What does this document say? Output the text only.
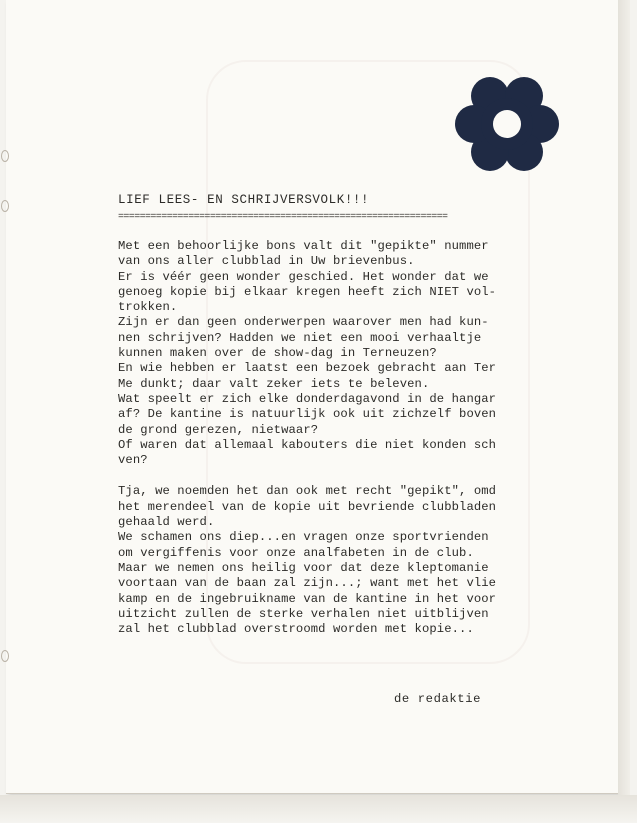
LIEF LEES- EN SCHRIJVERSVOLK!!!

=============================================================

Met een behoorlijke bons valt dit "gepikte" nummer
van ons aller clubblad in Uw brievenbus.
Er is véér geen wonder geschied. Het wonder dat we
genoeg kopie bij elkaar kregen heeft zich NIET vol-
trokken.
Zijn er dan geen onderwerpen waarover men had kun-
nen schrijven? Hadden we niet een mooi verhaaltje
kunnen maken over de show-dag in Terneuzen?
En wie hebben er laatst een bezoek gebracht aan Ter
Me dunkt; daar valt zeker iets te beleven.
Wat speelt er zich elke donderdagavond in de hangar
af? De kantine is natuurlijk ook uit zichzelf boven
de grond gerezen, nietwaar?
Of waren dat allemaal kabouters die niet konden sch
ven?
Tja, we noemden het dan ook met recht "gepikt", omd
het merendeel van de kopie uit bevriende clubbladen
gehaald werd.
We schamen ons diep...en vragen onze sportvrienden
om vergiffenis voor onze analfabeten in de club.
Maar we nemen ons heilig voor dat deze kleptomanie
voortaan van de baan zal zijn...; want met het vlie
kamp en de ingebruikname van de kantine in het voor
uitzicht zullen de sterke verhalen niet uitblijven
zal het clubblad overstroomd worden met kopie...
de redaktie
